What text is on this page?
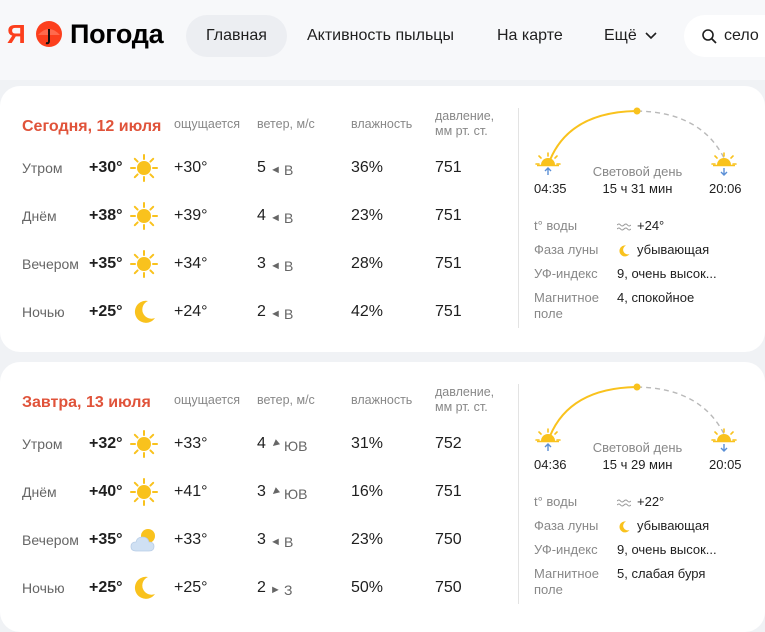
Я Погода	Главная	Активность пыльцы	На карте	Ещё	село
Сегодня, 12 июля ощущается ветер, м/с	влажность
давление,
мм рт. ст.
Утром +30°	+30°	5 ◄ В	36%	751
Днём +38°	+39°	4 ◄ В	23%	751
Вечером +35°	+34°	3 ◄ В	28%	751
Ночью +25°	+24°	2 ◄ В	42%	751
04:35	20:06
Световой день
15 ч 31 мин
t° воды	+24°
Фаза луны	убывающая
УФ-индекс 9, очень высок...
Магнитное
поле
4, спокойное
Завтра, 13 июля ощущается ветер, м/с	влажность
давление,
мм рт. ст.
Утром +32°	+33°	4 ◄ ЮВ	31%	752
Днём +40°	+41°	3 ◄ ЮВ	16%	751
Вечером +35°	+33°	3 ◄ В	23%	750
Ночью +25°	+25°	2 ► З	50%	750
04:36	20:05
Световой день
15 ч 29 мин
t° воды	+22°
Фаза луны	убывающая
УФ-индекс 9, очень высок...
Магнитное
поле
5, слабая буря
